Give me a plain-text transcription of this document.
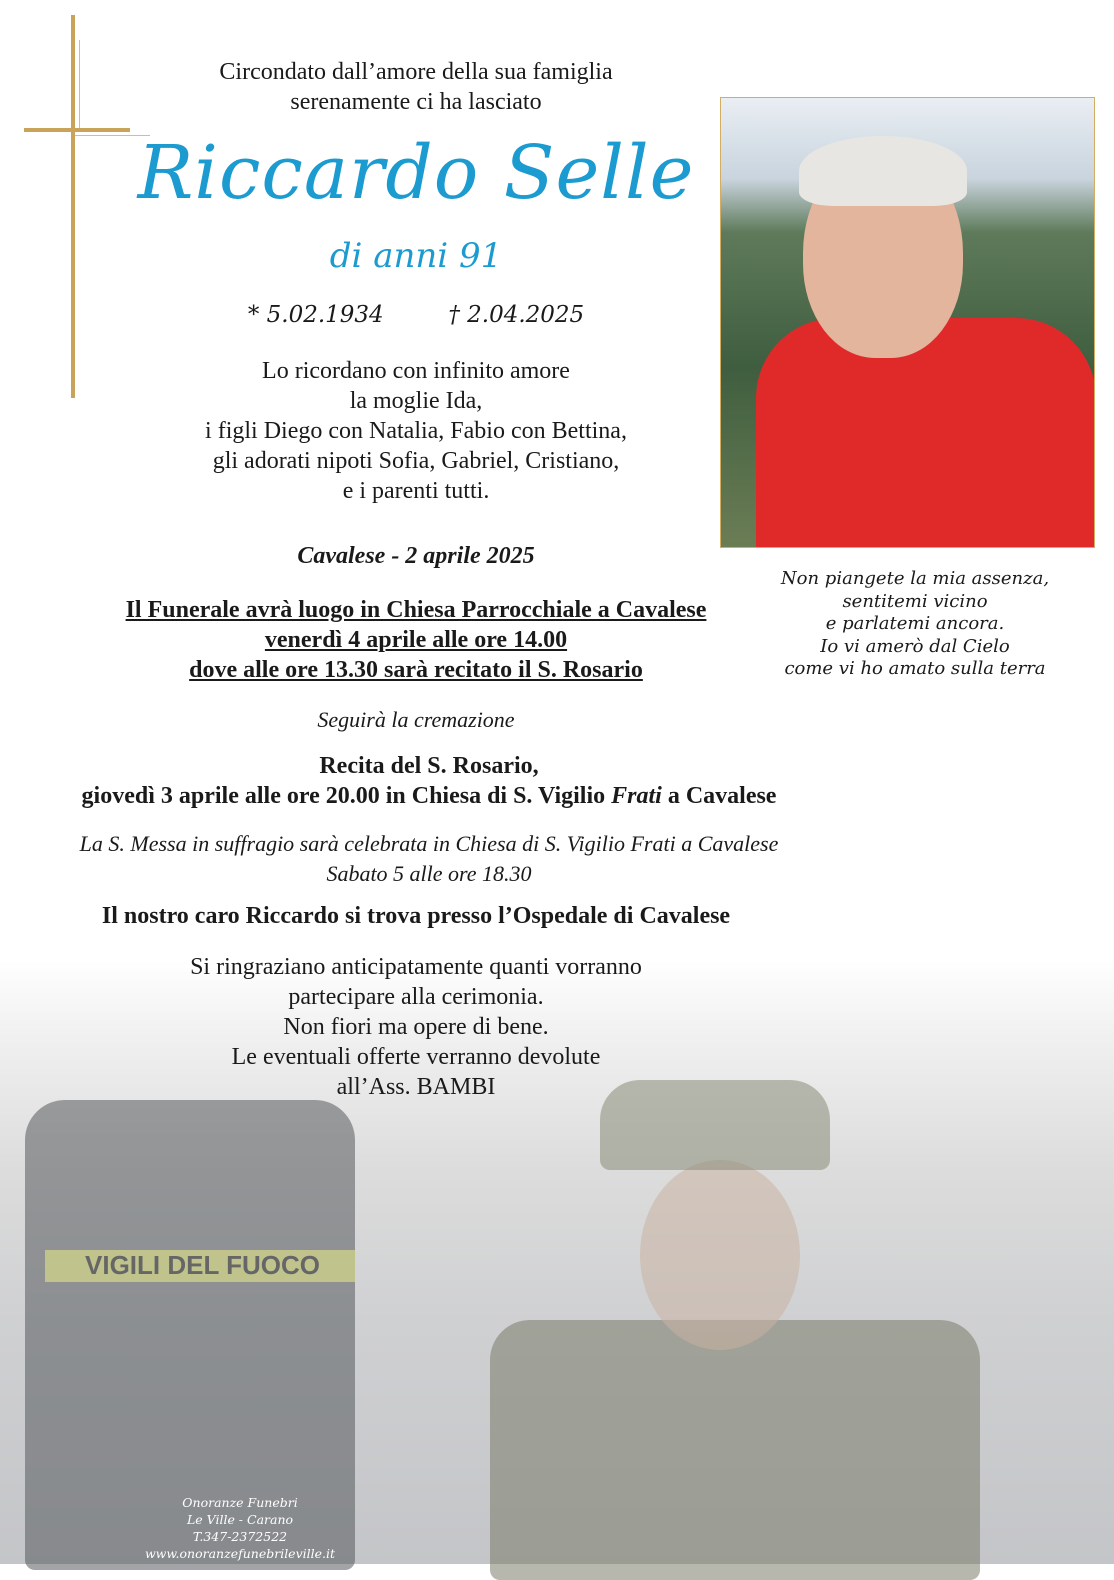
VIGILI DEL FUOCO
Circondato dall’amore della sua famiglia
serenamente ci ha lasciato
Riccardo Selle
di anni 91
* 5.02.1934	† 2.04.2025
Lo ricordano con infinito amore
la moglie Ida,
i figli Diego con Natalia, Fabio con Bettina,
gli adorati nipoti Sofia, Gabriel, Cristiano,
e i parenti tutti.
Cavalese - 2 aprile 2025
Il Funerale avrà luogo in Chiesa Parrocchiale a Cavalese
venerdì 4 aprile alle ore 14.00
dove alle ore 13.30 sarà recitato il S. Rosario
Seguirà la cremazione
Recita del S. Rosario,
giovedì 3 aprile alle ore 20.00 in Chiesa di S. Vigilio Frati a Cavalese
La S. Messa in suffragio sarà celebrata in Chiesa di S. Vigilio Frati a Cavalese
Sabato 5 alle ore 18.30
Il nostro caro Riccardo si trova presso l’Ospedale di Cavalese
Si ringraziano anticipatamente quanti vorranno
partecipare alla cerimonia.
Non fiori ma opere di bene.
Le eventuali offerte verranno devolute
all’Ass. BAMBI
Non piangete la mia assenza,
sentitemi vicino
e parlatemi ancora.
Io vi amerò dal Cielo
come vi ho amato sulla terra
Onoranze Funebri
Le Ville - Carano
T.347-2372522
www.onoranzefunebrileville.it
